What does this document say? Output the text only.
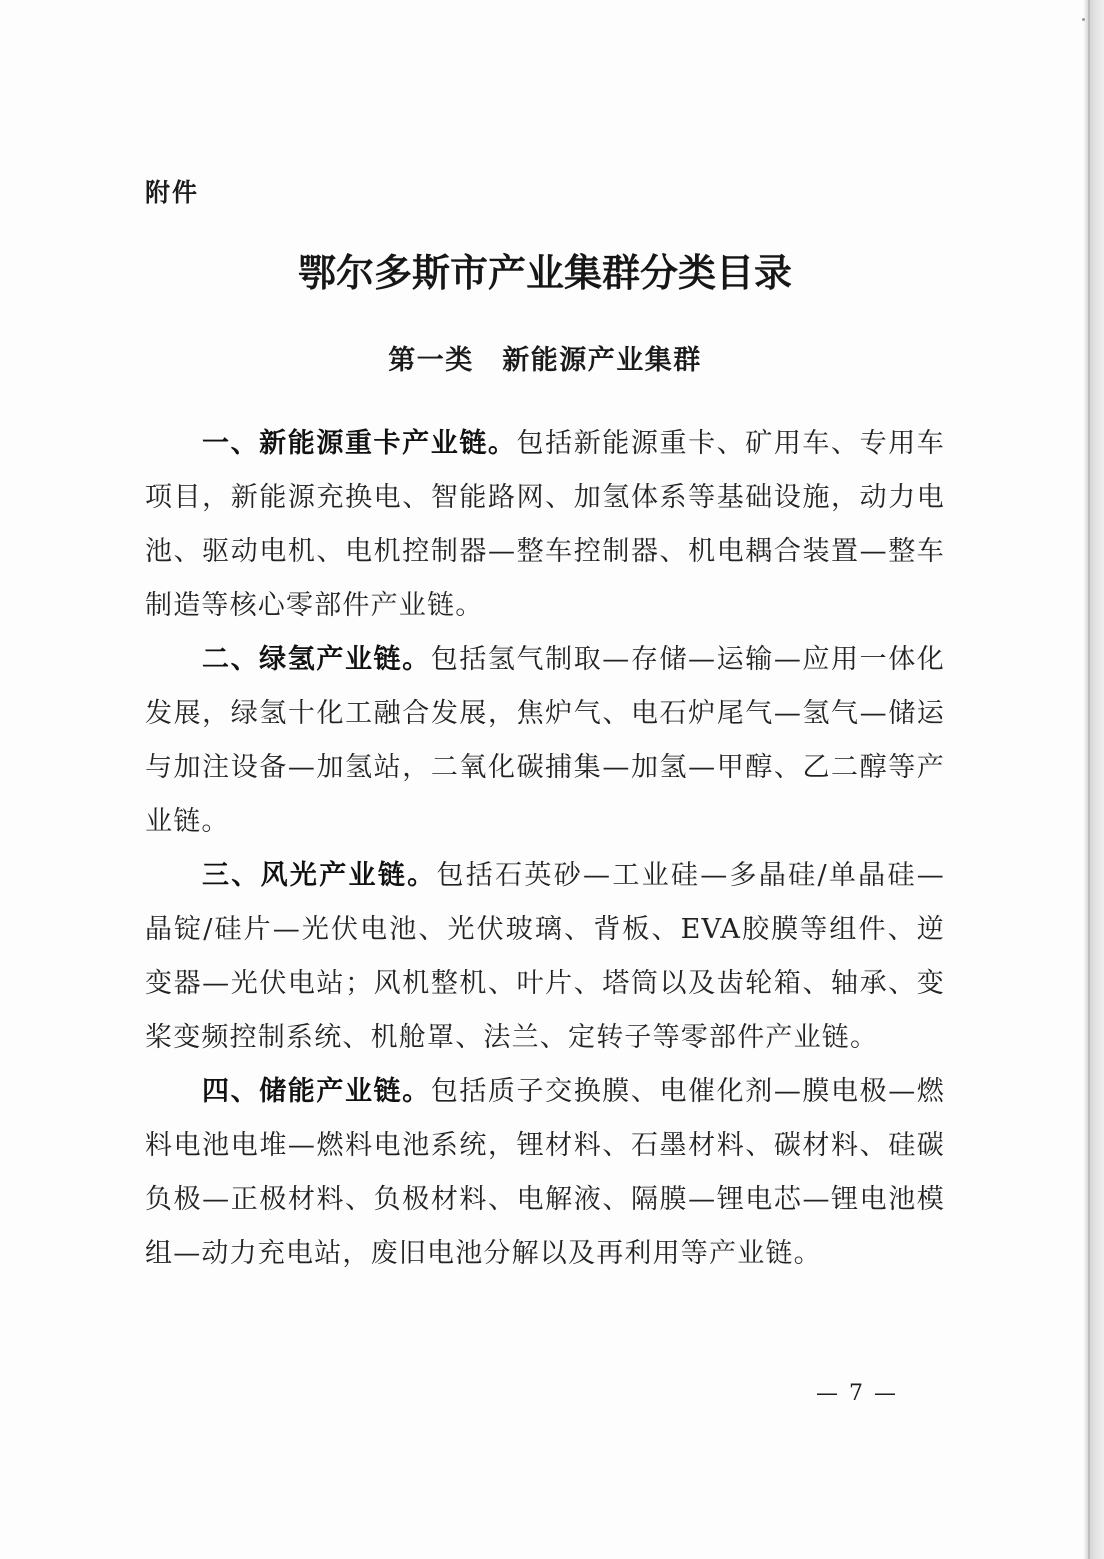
附件
鄂尔多斯市产业集群分类目录
第一类　新能源产业集群
一、新能源重卡产业链。包括新能源重卡、矿用车、专用车
项目，新能源充换电、智能路网、加氢体系等基础设施，动力电
池、驱动电机、电机控制器—整车控制器、机电耦合装置—整车
制造等核心零部件产业链。
二、绿氢产业链。包括氢气制取—存储—运输—应用一体化
发展，绿氢十化工融合发展，焦炉气、电石炉尾气—氢气—储运
与加注设备—加氢站，二氧化碳捕集—加氢—甲醇、乙二醇等产
业链。
三、风光产业链。包括石英砂—工业硅—多晶硅/单晶硅—
晶锭/硅片—光伏电池、光伏玻璃、背板、EVA胶膜等组件、逆
变器—光伏电站；风机整机、叶片、塔筒以及齿轮箱、轴承、变
桨变频控制系统、机舱罩、法兰、定转子等零部件产业链。
四、储能产业链。包括质子交换膜、电催化剂—膜电极—燃
料电池电堆—燃料电池系统，锂材料、石墨材料、碳材料、硅碳
负极—正极材料、负极材料、电解液、隔膜—锂电芯—锂电池模
组—动力充电站，废旧电池分解以及再利用等产业链。
— 7 —
